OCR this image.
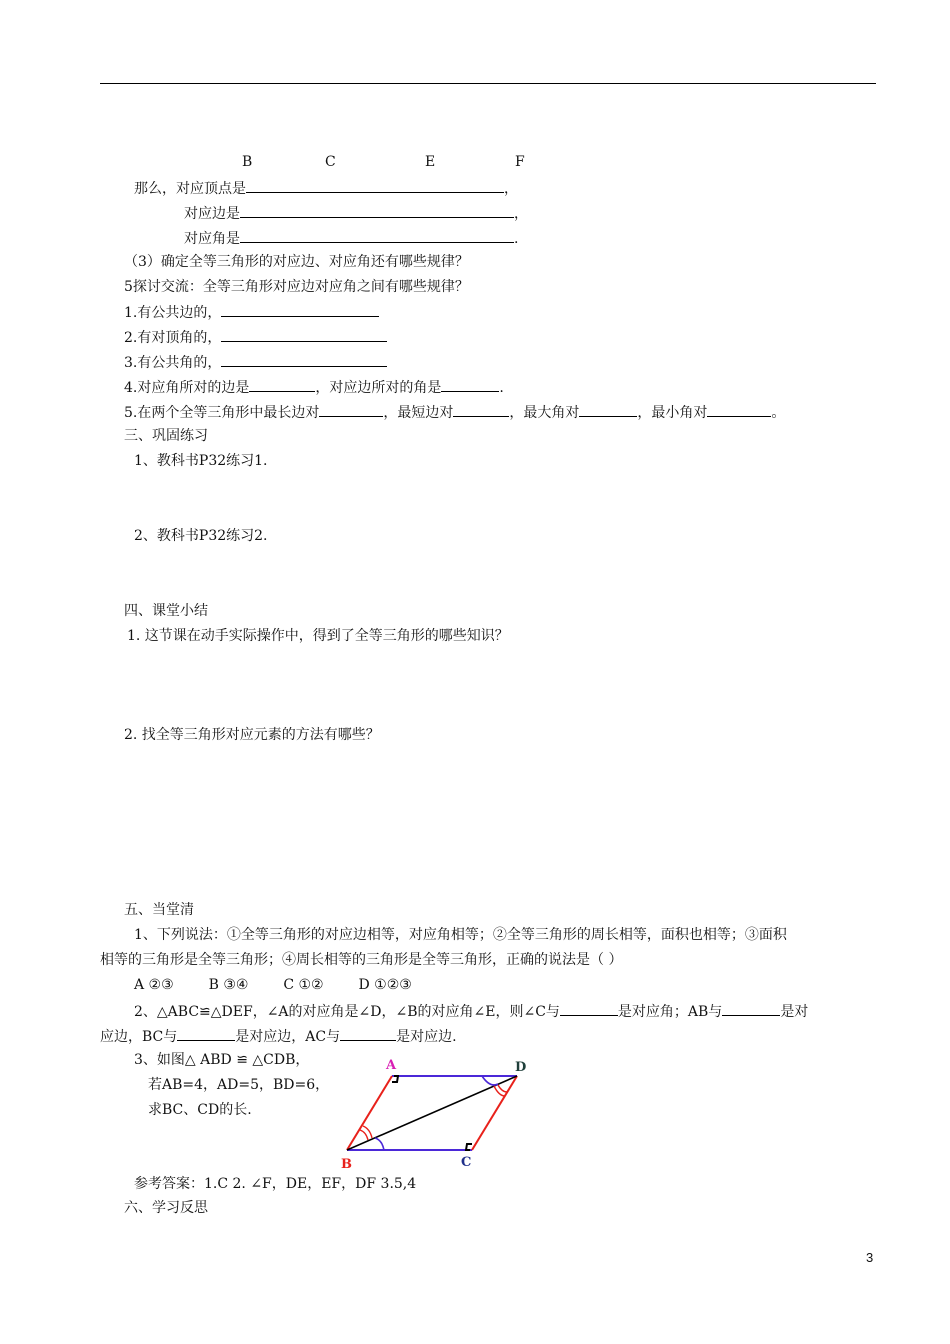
B	C	E	F
那么，对应顶点是	，
对应边是	，
对应角是	.
（3）确定全等三角形的对应边、对应角还有哪些规律？
5探讨交流：全等三角形对应边对应角之间有哪些规律？
1.有公共边的，
2.有对顶角的，
3.有公共角的，
4.对应角所对的边是	，对应边所对的角是	.
5.在两个全等三角形中最长边对	，最短边对	，最大角对	，最小角对	。
三、巩固练习
1、教科书P32练习1.
2、教科书P32练习2.
四、课堂小结
1. 这节课在动手实际操作中，得到了全等三角形的哪些知识？
2. 找全等三角形对应元素的方法有哪些？
五、当堂清
1、下列说法：①全等三角形的对应边相等，对应角相等；②全等三角形的周长相等，面积也相等；③面积
相等的三角形是全等三角形；④周长相等的三角形是全等三角形，正确的说法是（ ）
A ②③ B ③④ C ①② D ①②③
2、△ABC≌△DEF，∠A的对应角是∠D，∠B的对应角∠E，则∠C与	是对应角；AB与	是对
应边，BC与	是对应边，AC与	是对应边.
3、如图△ ABD ≌ △CDB，
若AB=4，AD=5，BD=6，
求BC、CD的长.
A	D
B	C
参考答案：1.C 2. ∠F，DE，EF，DF 3.5,4
六、学习反思
3
